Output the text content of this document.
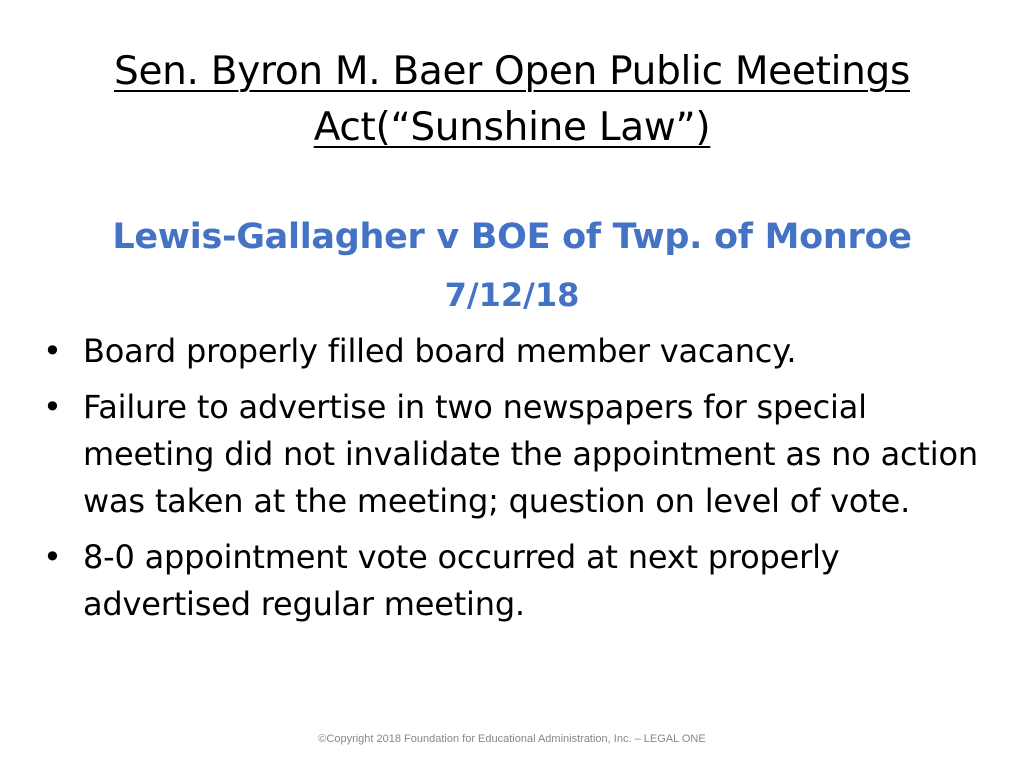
Sen. Byron M. Baer Open Public Meetings
Act(“Sunshine Law”)
Lewis-Gallagher v BOE of Twp. of Monroe
7/12/18
• Board properly filled board member vacancy.
• Failure to advertise in two newspapers for special meeting did not invalidate the appointment as no action was taken at the meeting; question on level of vote.
• 8-0 appointment vote occurred at next properly advertised regular meeting.
©Copyright 2018 Foundation for Educational Administration, Inc. – LEGAL ONE
